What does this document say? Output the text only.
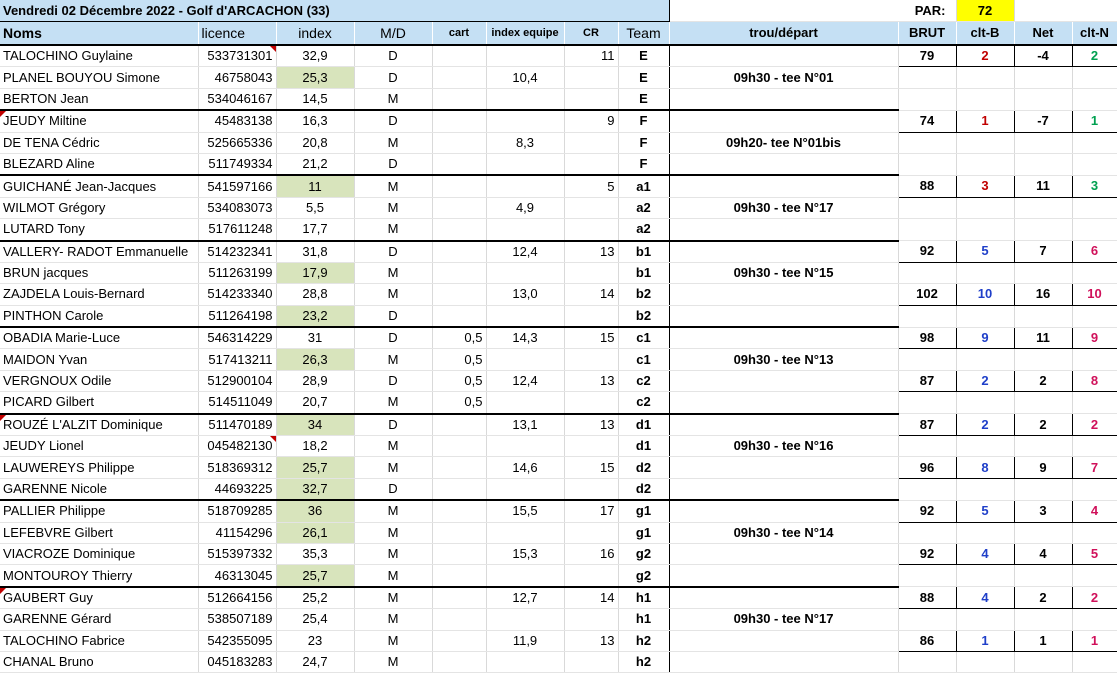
Vendredi 02 Décembre 2022 - Golf d'ARCACHON (33)								PAR:		72		
Noms	licence	index	M/D	cart	index equipe	CR	Team	trou/départ	BRUT	clt-B	Net	clt-N
TALOCHINO Guylaine	533731301	32,9	D			11	E		79	2	-4	2
PLANEL BOUYOU Simone	46758043	25,3	D		10,4		E	09h30 - tee N°01				
BERTON Jean	534046167	14,5	M				E					
JEUDY Miltine	45483138	16,3	D			9	F		74	1	-7	1
DE TENA Cédric	525665336	20,8	M		8,3		F	09h20- tee N°01bis				
BLEZARD Aline	511749334	21,2	D				F					
GUICHANÉ Jean-Jacques	541597166	11	M			5	a1		88	3	11	3
WILMOT Grégory	534083073	5,5	M		4,9		a2	09h30 - tee N°17				
LUTARD Tony	517611248	17,7	M				a2					
VALLERY- RADOT Emmanuelle	514232341	31,8	D		12,4	13	b1		92	5	7	6
BRUN jacques	511263199	17,9	M				b1	09h30 - tee N°15				
ZAJDELA Louis-Bernard	514233340	28,8	M		13,0	14	b2		102	10	16	10
PINTHON Carole	511264198	23,2	D				b2					
OBADIA Marie-Luce	546314229	31	D	0,5	14,3	15	c1		98	9	11	9
MAIDON Yvan	517413211	26,3	M	0,5			c1	09h30 - tee N°13				
VERGNOUX Odile	512900104	28,9	D	0,5	12,4	13	c2		87	2	2	8
PICARD Gilbert	514511049	20,7	M	0,5			c2					
ROUZÉ L'ALZIT Dominique	511470189	34	D		13,1	13	d1		87	2	2	2
JEUDY Lionel	045482130	18,2	M				d1	09h30 - tee N°16				
LAUWEREYS Philippe	518369312	25,7	M		14,6	15	d2		96	8	9	7
GARENNE Nicole	44693225	32,7	D				d2					
PALLIER Philippe	518709285	36	M		15,5	17	g1		92	5	3	4
LEFEBVRE Gilbert	41154296	26,1	M				g1	09h30 - tee N°14				
VIACROZE Dominique	515397332	35,3	M		15,3	16	g2		92	4	4	5
MONTOUROY Thierry	46313045	25,7	M				g2					
GAUBERT Guy	512664156	25,2	M		12,7	14	h1		88	4	2	2
GARENNE Gérard	538507189	25,4	M				h1	09h30 - tee N°17				
TALOCHINO Fabrice	542355095	23	M		11,9	13	h2		86	1	1	1
CHANAL Bruno	045183283	24,7	M				h2					
